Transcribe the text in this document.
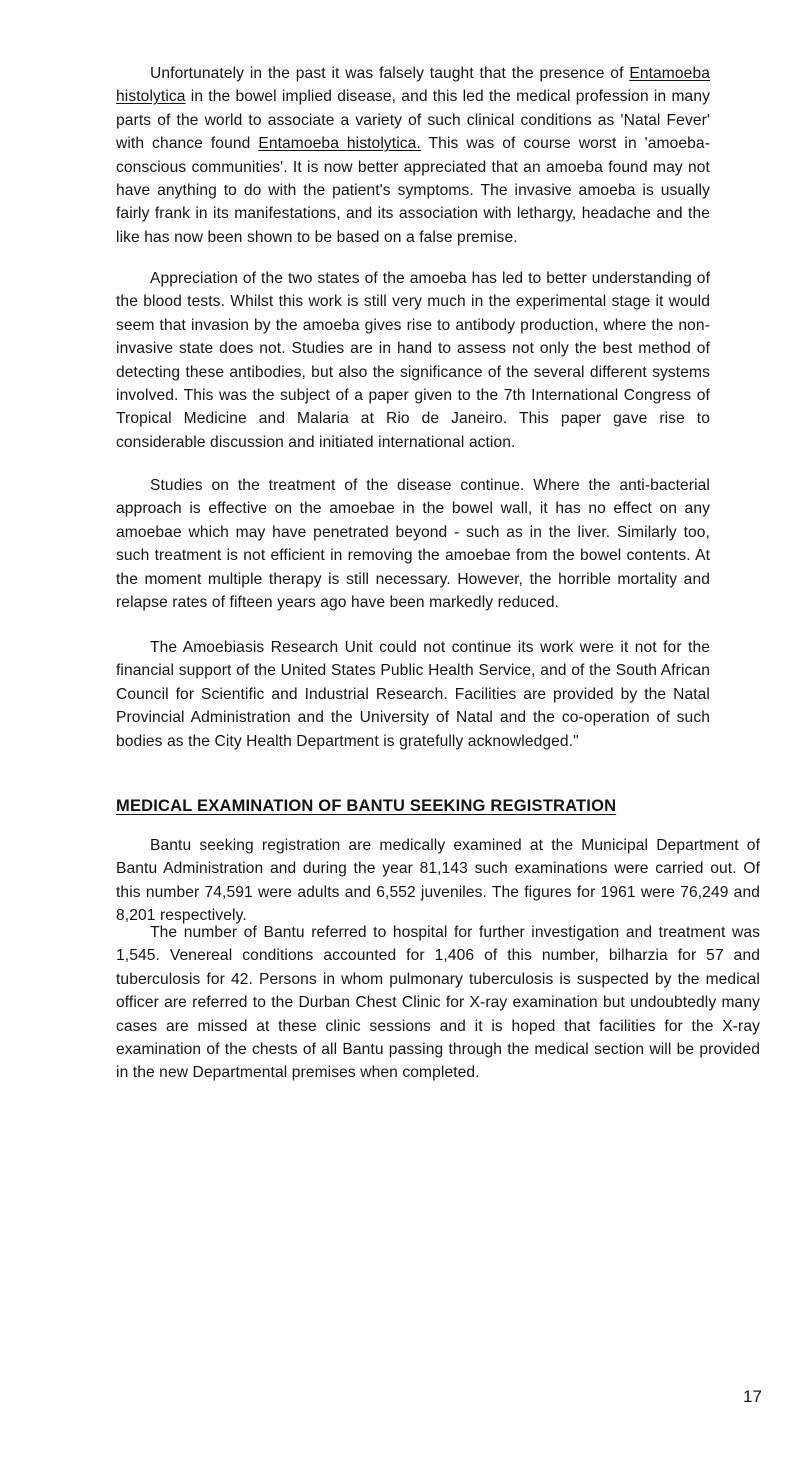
Unfortunately in the past it was falsely taught that the presence of Entamoeba histolytica in the bowel implied disease, and this led the medical profession in many parts of the world to associate a variety of such clinical conditions as 'Natal Fever' with chance found Entamoeba histolytica. This was of course worst in 'amoeba-conscious communities'. It is now better appreciated that an amoeba found may not have anything to do with the patient's symptoms. The invasive amoeba is usually fairly frank in its manifestations, and its association with lethargy, headache and the like has now been shown to be based on a false premise.

Appreciation of the two states of the amoeba has led to better understanding of the blood tests. Whilst this work is still very much in the experimental stage it would seem that invasion by the amoeba gives rise to antibody production, where the non-invasive state does not. Studies are in hand to assess not only the best method of detecting these antibodies, but also the significance of the several different systems involved. This was the subject of a paper given to the 7th International Congress of Tropical Medicine and Malaria at Rio de Janeiro. This paper gave rise to considerable discussion and initiated international action.

Studies on the treatment of the disease continue. Where the anti-bacterial approach is effective on the amoebae in the bowel wall, it has no effect on any amoebae which may have penetrated beyond - such as in the liver. Similarly too, such treatment is not efficient in removing the amoebae from the bowel contents. At the moment multiple therapy is still necessary. However, the horrible mortality and relapse rates of fifteen years ago have been markedly reduced.

The Amoebiasis Research Unit could not continue its work were it not for the financial support of the United States Public Health Service, and of the South African Council for Scientific and Industrial Research. Facilities are provided by the Natal Provincial Administration and the University of Natal and the co-operation of such bodies as the City Health Department is gratefully acknowledged."

MEDICAL EXAMINATION OF BANTU SEEKING REGISTRATION

Bantu seeking registration are medically examined at the Municipal Department of Bantu Administration and during the year 81,143 such examinations were carried out. Of this number 74,591 were adults and 6,552 juveniles. The figures for 1961 were 76,249 and 8,201 respectively.

The number of Bantu referred to hospital for further investigation and treatment was 1,545. Venereal conditions accounted for 1,406 of this number, bilharzia for 57 and tuberculosis for 42. Persons in whom pulmonary tuberculosis is suspected by the medical officer are referred to the Durban Chest Clinic for X-ray examination but undoubtedly many cases are missed at these clinic sessions and it is hoped that facilities for the X-ray examination of the chests of all Bantu passing through the medical section will be provided in the new Departmental premises when completed.

17
